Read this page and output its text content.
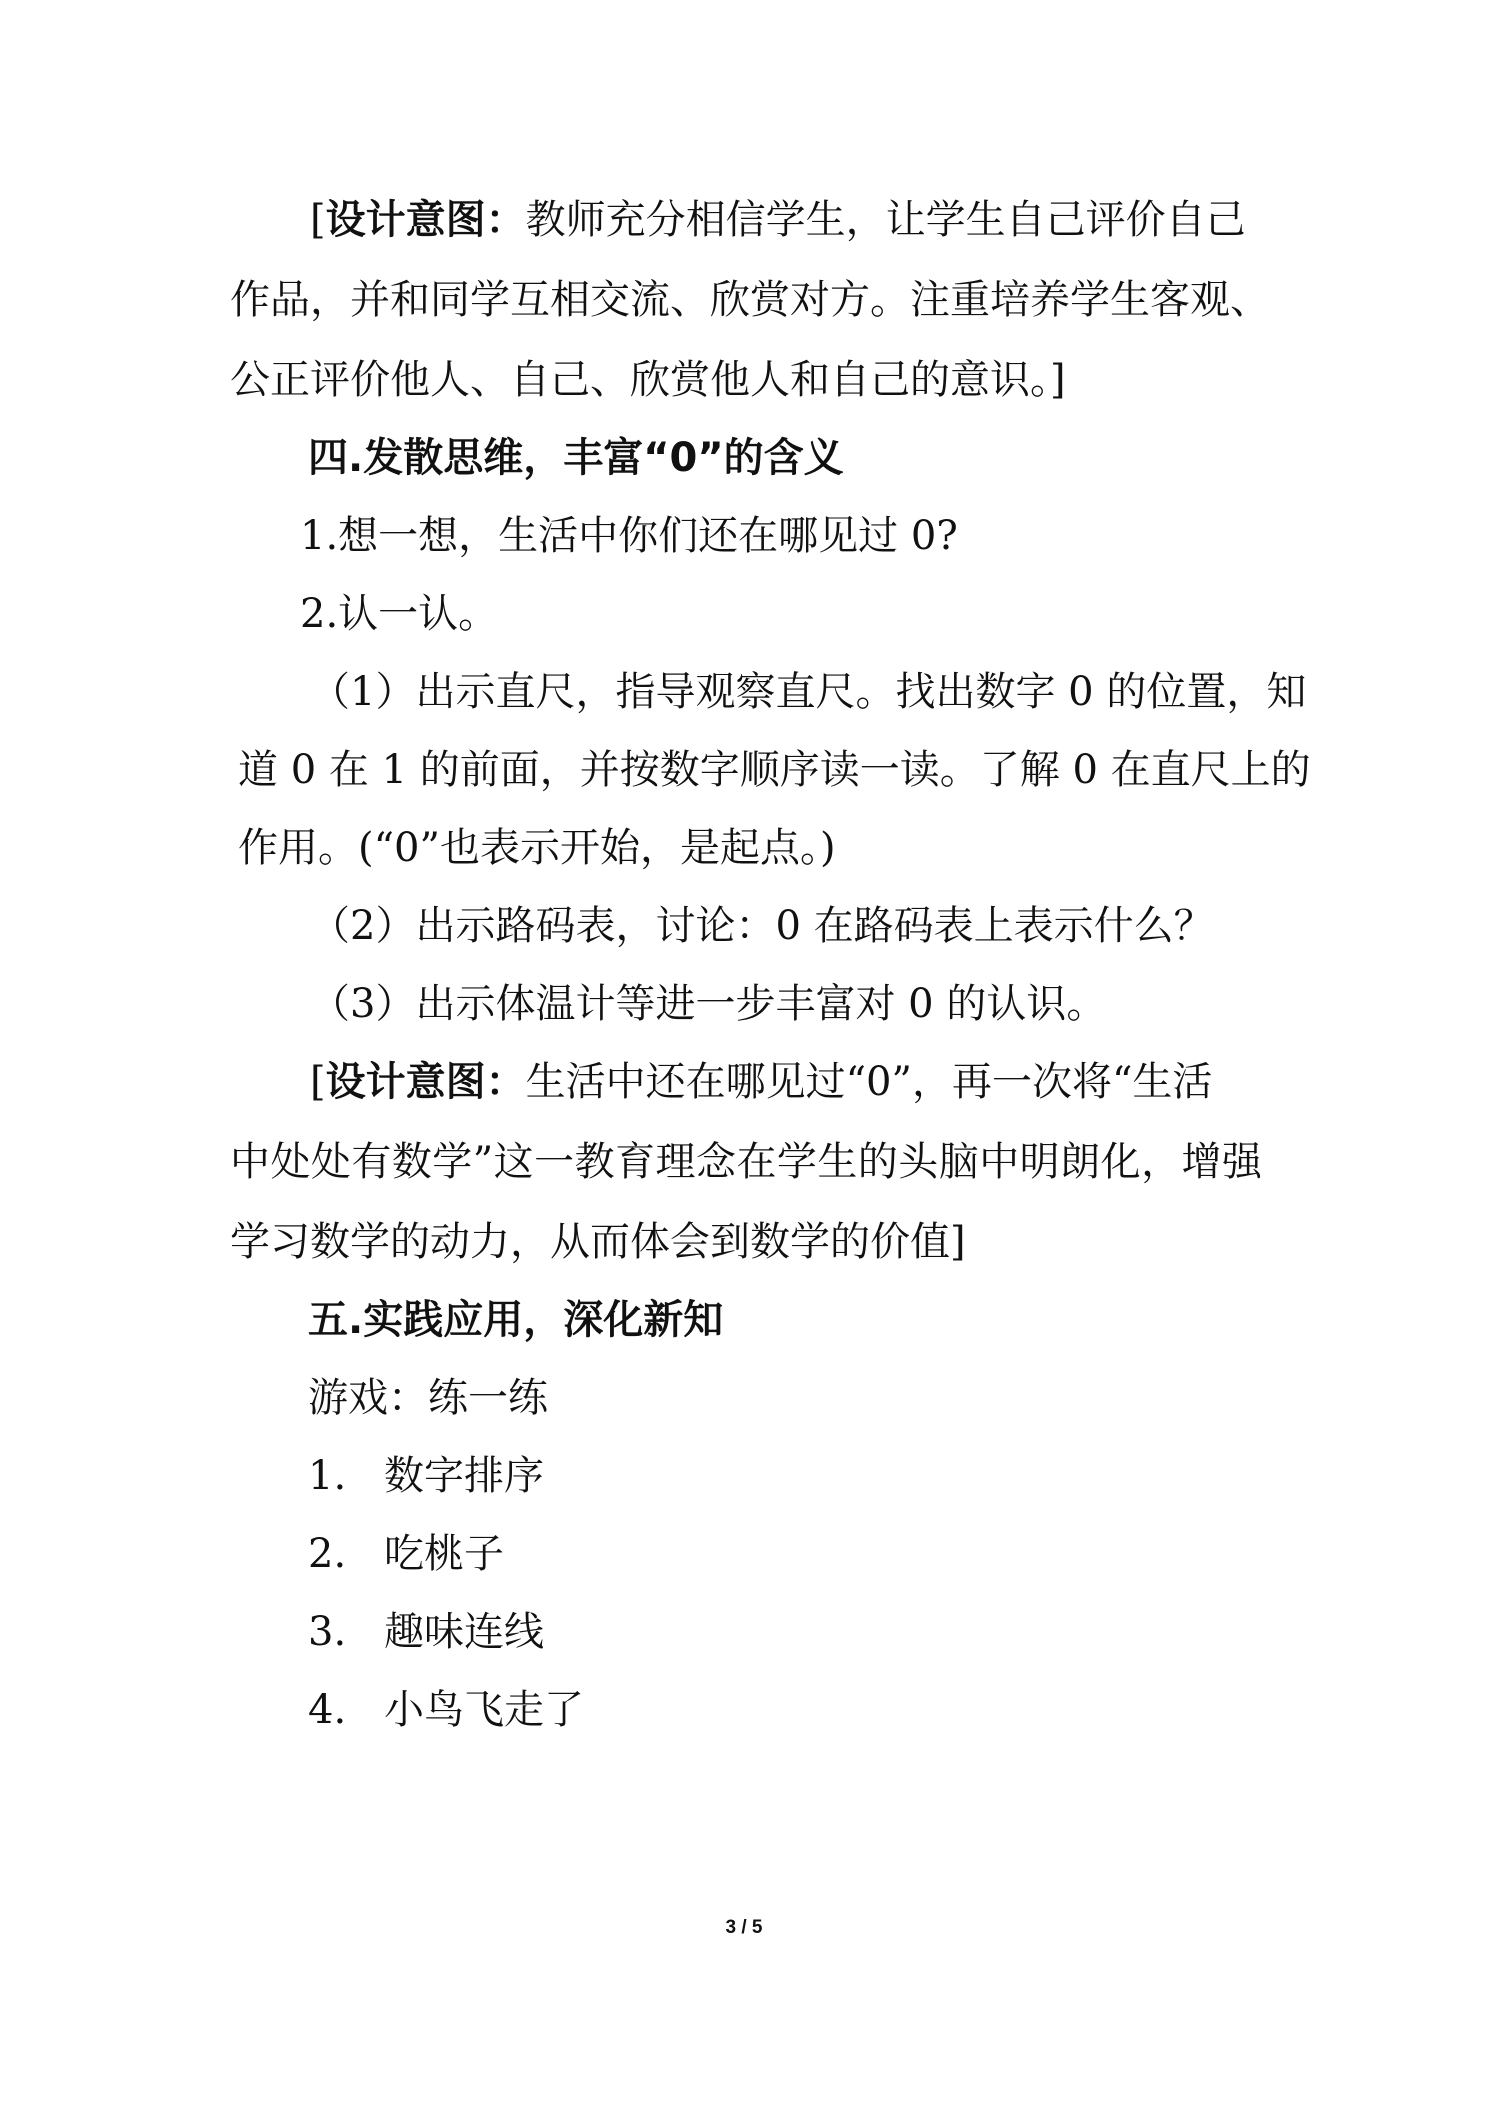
[设计意图：教师充分相信学生，让学生自己评价自己

作品，并和同学互相交流、欣赏对方。注重培养学生客观、

公正评价他人、自己、欣赏他人和自己的意识。]

四.发散思维，丰富“0”的含义

1.想一想，生活中你们还在哪见过 0?

2.认一认。

（1）出示直尺，指导观察直尺。找出数字 0 的位置，知

道 0 在 1 的前面，并按数字顺序读一读。了解 0 在直尺上的

作用。(“0”也表示开始，是起点。)

（2）出示路码表，讨论：0 在路码表上表示什么？

（3）出示体温计等进一步丰富对 0 的认识。

[设计意图：生活中还在哪见过“0”，再一次将“生活

中处处有数学”这一教育理念在学生的头脑中明朗化，增强

学习数学的动力，从而体会到数学的价值]

五.实践应用，深化新知

游戏：练一练

1. 数字排序

2. 吃桃子

3. 趣味连线

4. 小鸟飞走了

3 / 5
